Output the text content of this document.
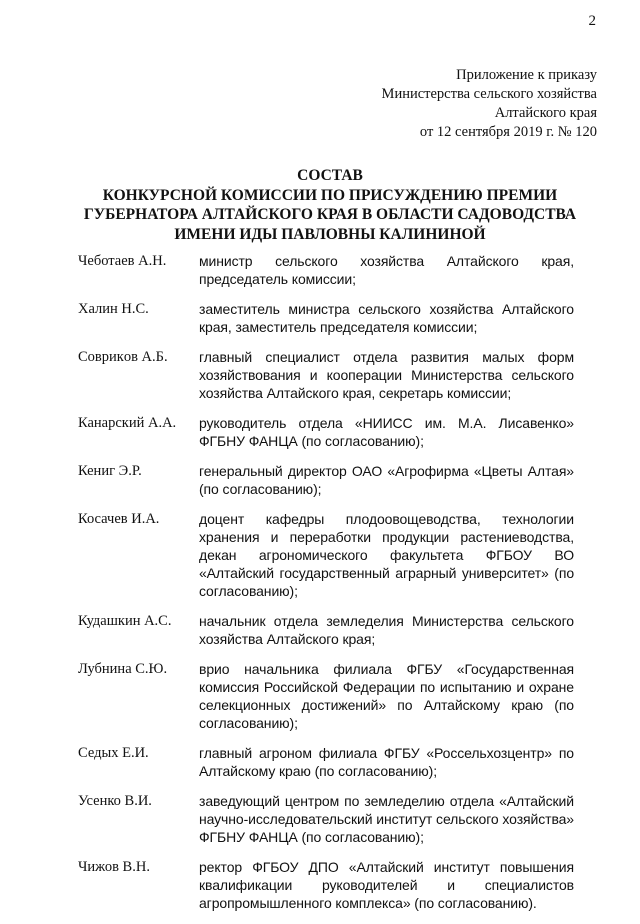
2
Приложение к приказу
Министерства сельского хозяйства
Алтайского края
от 12 сентября 2019 г. № 120
СОСТАВ
КОНКУРСНОЙ КОМИССИИ ПО ПРИСУЖДЕНИЮ ПРЕМИИ
ГУБЕРНАТОРА АЛТАЙСКОГО КРАЯ В ОБЛАСТИ САДОВОДСТВА
ИМЕНИ ИДЫ ПАВЛОВНЫ КАЛИНИНОЙ
Чеботаев А.Н.	министр сельского хозяйства Алтайского края, председатель комиссии;
Халин Н.С.	заместитель министра сельского хозяйства Алтайского края, заместитель председателя комиссии;
Соврикoв А.Б.	главный специалист отдела развития малых форм хозяйствования и кооперации Министерства сельского хозяйства Алтайского края, секретарь комиссии;
Канарский А.А.	руководитель отдела «НИИСС им. М.А. Лисавенко» ФГБНУ ФАНЦА (по согласованию);
Кениг Э.Р.	генеральный директор ОАО «Агрофирма «Цветы Алтая» (по согласованию);
Косачев И.А.	доцент кафедры плодоовощеводства, технологии хранения и переработки продукции растениеводства, декан агрономического факультета ФГБОУ ВО «Алтайский государственный аграрный университет» (по согласованию);
Кудашкин А.С.	начальник отдела земледелия Министерства сельского хозяйства Алтайского края;
Лубнина С.Ю.	врио начальника филиала ФГБУ «Государственная комиссия Российской Федерации по испытанию и охране селекционных достижений» по Алтайскому краю (по согласованию);
Седых Е.И.	главный агроном филиала ФГБУ «Россельхозцентр» по Алтайскому краю (по согласованию);
Усенко В.И.	заведующий центром по земледелию отдела «Алтайский научно-исследовательский институт сельского хозяйства» ФГБНУ ФАНЦА (по согласованию);
Чижов В.Н.	ректор ФГБОУ ДПО «Алтайский институт повышения квалификации руководителей и специалистов агропромышленного комплекса» (по согласованию).
